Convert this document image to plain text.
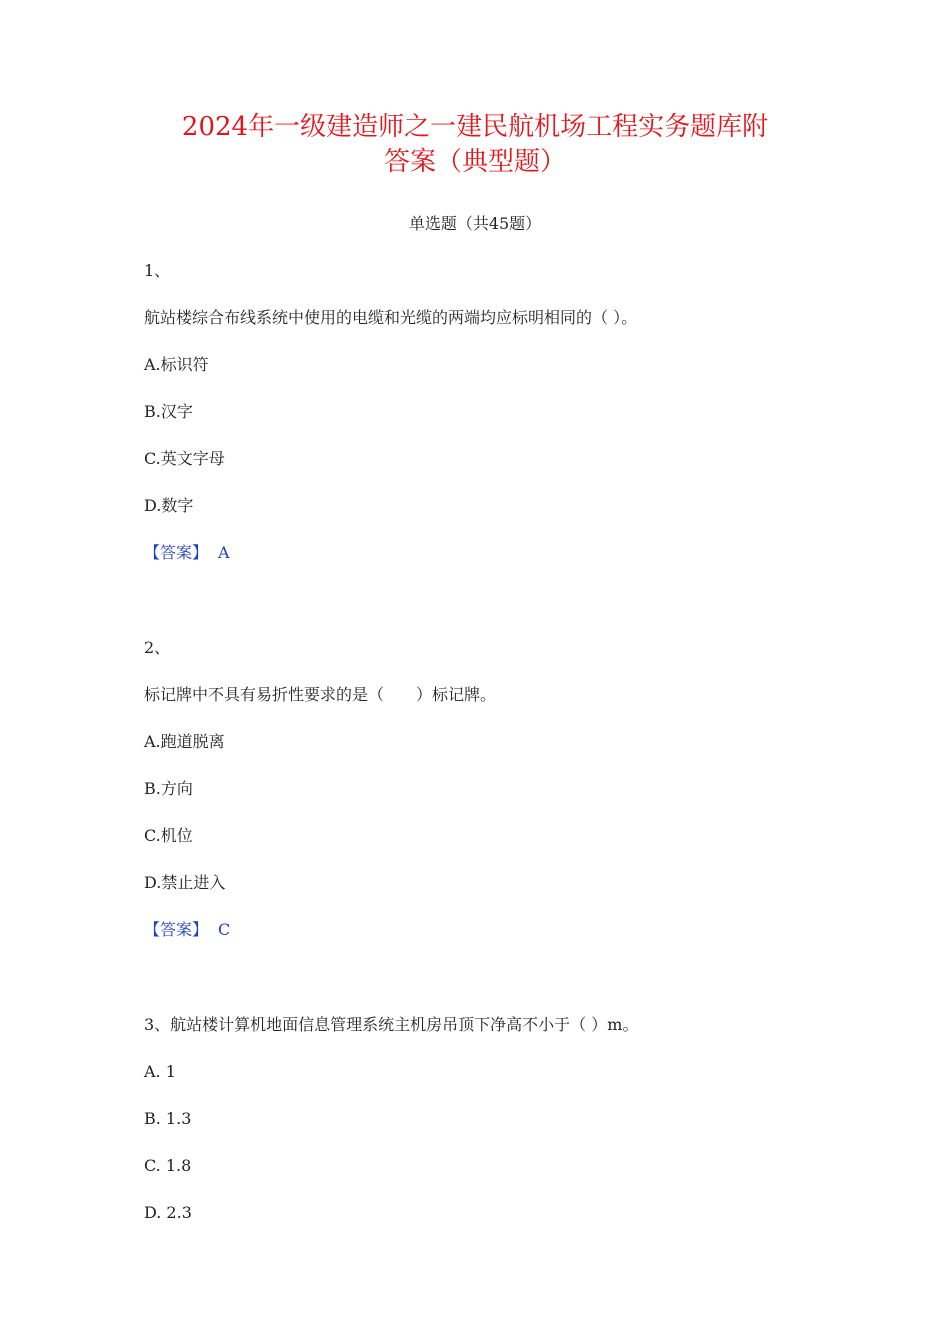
2024年一级建造师之一建民航机场工程实务题库附
答案（典型题）
单选题（共45题）
1、
航站楼综合布线系统中使用的电缆和光缆的两端均应标明相同的（ ）。
A.标识符
B.汉字
C.英文字母
D.数字
【答案】 A
2、
标记牌中不具有易折性要求的是（　　）标记牌。
A.跑道脱离
B.方向
C.机位
D.禁止进入
【答案】 C
3、航站楼计算机地面信息管理系统主机房吊顶下净高不小于（ ）m。
A. 1
B. 1.3
C. 1.8
D. 2.3
